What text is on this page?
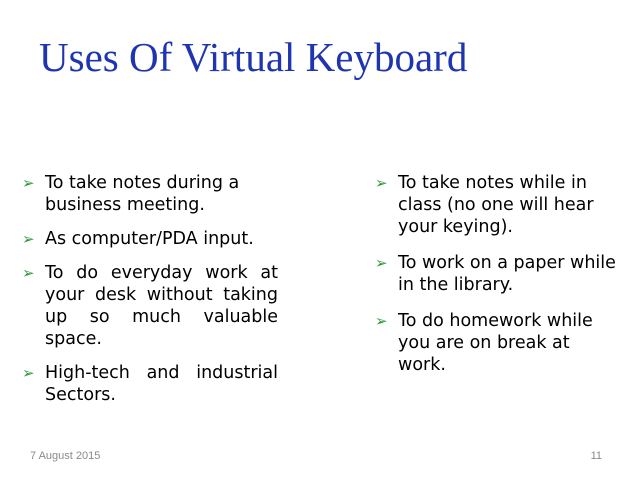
Uses Of Virtual Keyboard
➢ To take notes during a business meeting.
➢ As computer/PDA input.
➢ To do everyday work at your desk without taking up so much valuable space.
➢ High-tech and industrial Sectors.
➢ To take notes while in class (no one will hear your keying).
➢ To work on a paper while in the library.
➢ To do homework while you are on break at work.
7 August 2015	11
